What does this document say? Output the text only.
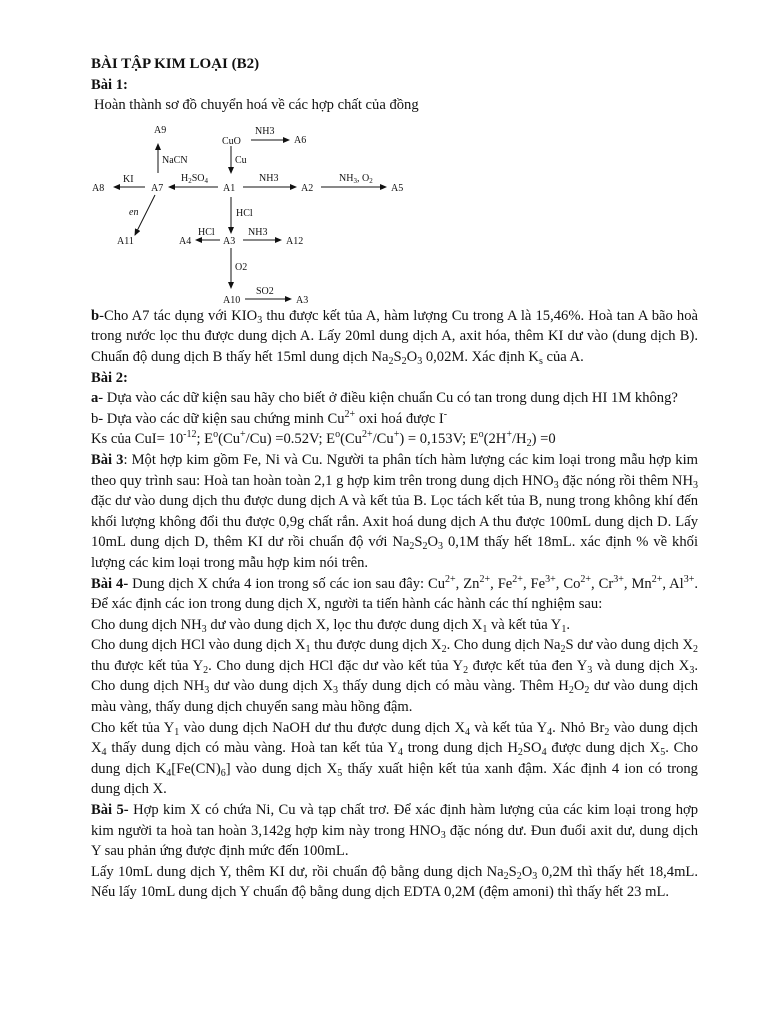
BÀI TẬP KIM LOẠI (B2)
Bài 1:

Hoàn thành sơ đồ chuyển hoá về các hợp chất của đồng

A9
CuO	A6
A8	A7	A1	A2	A5
A11	A4	A3	A12
A10	A3
NH3
Cu
NaCN
KI	$H_2SO_4$	NH3	$NH_3$, $O_2$
en	HCl
HCl	NH3
O2
SO2

b-Cho A7 tác dụng với $KIO_3$ thu được kết tủa A, hàm lượng Cu trong A là 15,46%. Hoà tan A bão hoà trong nước lọc thu được dung dịch A. Lấy 20ml dung dịch A, axit hóa, thêm KI dư vào (dung dịch B). Chuẩn độ dung dịch B thấy hết 15ml dung dịch $Na_2S_2O_3$ 0,02M. Xác định $K_s$ của A.

Bài 2:

a- Dựa vào các dữ kiện sau hãy cho biết ở điều kiện chuẩn Cu có tan trong dung dịch HI 1M không?

b- Dựa vào các dữ kiện sau chứng minh $Cu^{2+}$ oxi hoá được I-

Ks của $CuI= 10^{-12}$; $E^o(Cu^+/Cu) =0.52V$; $E^o(Cu^{2+}/Cu^+) = 0,153V$; $E^o(2H^+/H_2) =0$

Bài 3: Một hợp kim gồm Fe, Ni và Cu. Người ta phân tích hàm lượng các kim loại trong mẫu hợp kim theo quy trình sau: Hoà tan hoàn toàn 2,1 g hợp kim trên trong dung dịch $HNO_3$ đặc nóng rồi thêm $NH_3$ đặc dư vào dung dịch thu được dung dịch A và kết tủa B. Lọc tách kết tủa B, nung trong không khí đến khối lượng không đổi thu được 0,9g chất rắn. Axit hoá dung dịch A thu được 100mL dung dịch D. Lấy 10mL dung dịch D, thêm KI dư rồi chuẩn độ với $Na_2S_2O_3$ 0,1M thấy hết 18mL. xác định % về khối lượng các kim loại trong mẫu hợp kim nói trên.

Bài 4- Dung dịch X chứa 4 ion trong số các ion sau đây: $Cu^{2+}$, $Zn^{2+}$, $Fe^{2+}$, $Fe^{3+}$, $Co^{2+}$, $Cr^{3+}$, $Mn^{2+}$, $Al^{3+}$. Để xác định các ion trong dung dịch X, người ta tiến hành các hành các thí nghiệm sau:

Cho dung dịch $NH_3$ dư vào dung dịch X, lọc thu được dung dịch $X_1$ và kết tủa $Y_1$.

Cho dung dịch HCl vào dung dịch $X_1$ thu được dung dịch $X_2$. Cho dung dịch $Na_2S$ dư vào dung dịch $X_2$ thu được kết tủa $Y_2$. Cho dung dịch HCl đặc dư vào kết tủa $Y_2$ được kết tủa đen $Y_3$ và dung dịch $X_3$. Cho dung dịch $NH_3$ dư vào dung dịch $X_3$ thấy dung dịch có màu vàng. Thêm $H_2O_2$ dư vào dung dịch màu vàng, thấy dung dịch chuyển sang màu hồng đậm.

Cho kết tủa $Y_1$ vào dung dịch NaOH dư thu được dung dịch $X_4$ và kết tủa $Y_4$. Nhỏ $Br_2$ vào dung dịch $X_4$ thấy dung dịch có màu vàng. Hoà tan kết tủa $Y_4$ trong dung dịch $H_2SO_4$ được dung dịch $X_5$. Cho dung dịch $K_4[Fe(CN)_6]$ vào dung dịch $X_5$ thấy xuất hiện kết tủa xanh đậm. Xác định 4 ion có trong dung dịch X.

Bài 5- Hợp kim X có chứa Ni, Cu và tạp chất trơ. Để xác định hàm lượng của các kim loại trong hợp kim người ta hoà tan hoàn 3,142g hợp kim này trong $HNO_3$ đặc nóng dư. Đun đuổi axit dư, dung dịch Y sau phản ứng được định mức đến 100mL.

Lấy 10mL dung dịch Y, thêm KI dư, rồi chuẩn độ bằng dung dịch $Na_2S_2O_3$ 0,2M thì thấy hết 18,4mL. Nếu lấy 10mL dung dịch Y chuẩn độ bằng dung dịch EDTA 0,2M (đệm amoni) thì thấy hết 23 mL.
